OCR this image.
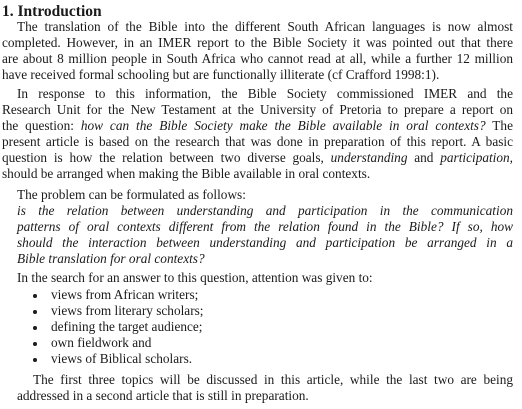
1. Introduction

The translation of the Bible into the different South African languages is now almost

completed. However, in an IMER report to the Bible Society it was pointed out that there

are about 8 million people in South Africa who cannot read at all, while a further 12 million

have received formal schooling but are functionally illiterate (cf Crafford 1998:1).

In response to this information, the Bible Society commissioned IMER and the

Research Unit for the New Testament at the University of Pretoria to prepare a report on

the question: how can the Bible Society make the Bible available in oral contexts? The

present article is based on the research that was done in preparation of this report. A basic

question is how the relation between two diverse goals, understanding and participation,

should be arranged when making the Bible available in oral contexts.

The problem can be formulated as follows:

is the relation between understanding and participation in the communication

patterns of oral contexts different from the relation found in the Bible? If so, how

should the interaction between understanding and participation be arranged in a

Bible translation for oral contexts?

In the search for an answer to this question, attention was given to:

views from African writers;

views from literary scholars;

defining the target audience;

own fieldwork and

views of Biblical scholars.

The first three topics will be discussed in this article, while the last two are being

addressed in a second article that is still in preparation.
